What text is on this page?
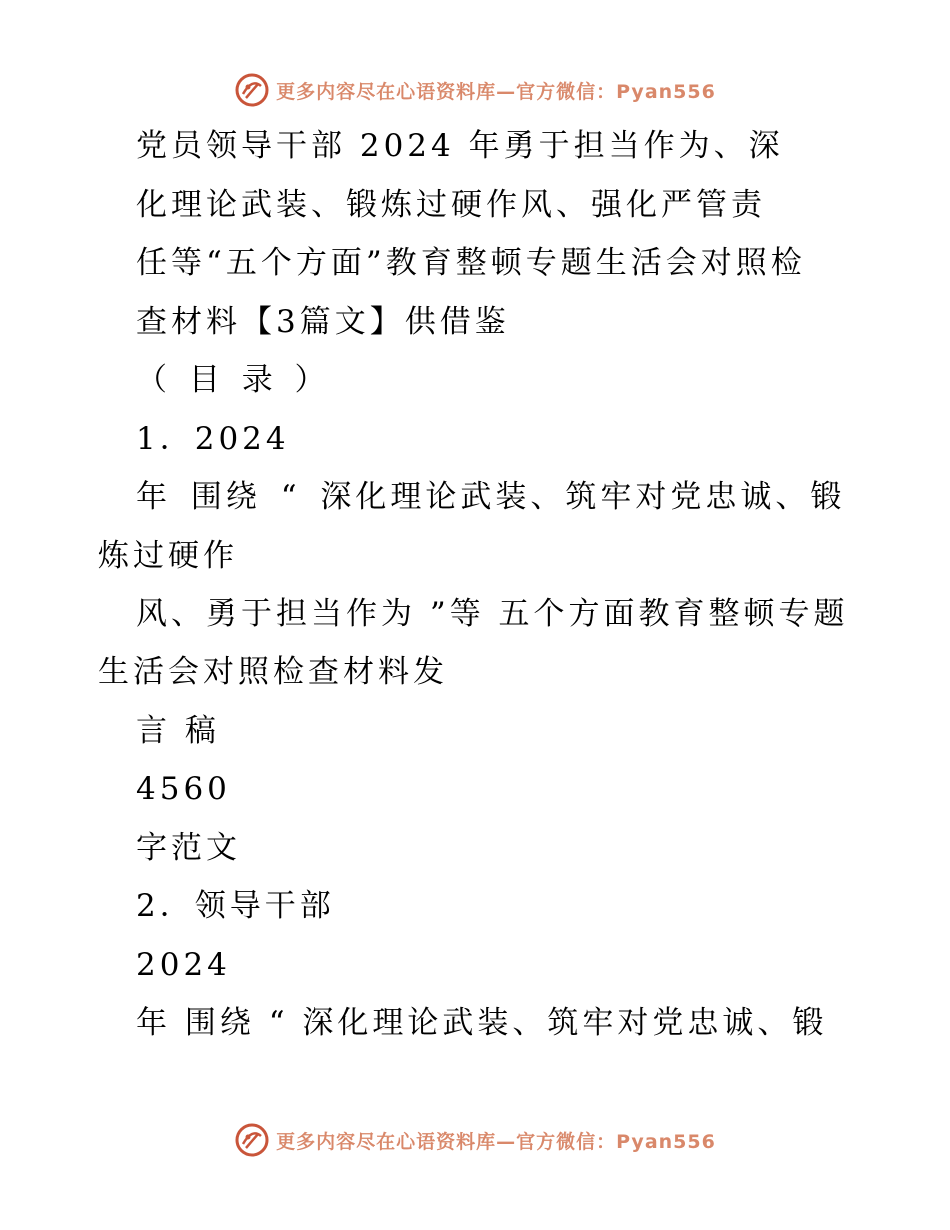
更多内容尽在心语资料库—官方微信：Pyan556
党员领导干部 2024 年勇于担当作为、深
化理论武装、锻炼过硬作风、强化严管责
任等“五个方面”教育整顿专题生活会对照检
查材料【3篇文】供借鉴
（ 目 录 ）
1．2024
年 围绕 “ 深化理论武装、筑牢对党忠诚、锻
炼过硬作
风、勇于担当作为 ”等 五个方面教育整顿专题
生活会对照检查材料发
言 稿
4560
字范文
2．领导干部
2024
年 围绕 “ 深化理论武装、筑牢对党忠诚、锻
更多内容尽在心语资料库—官方微信：Pyan556
